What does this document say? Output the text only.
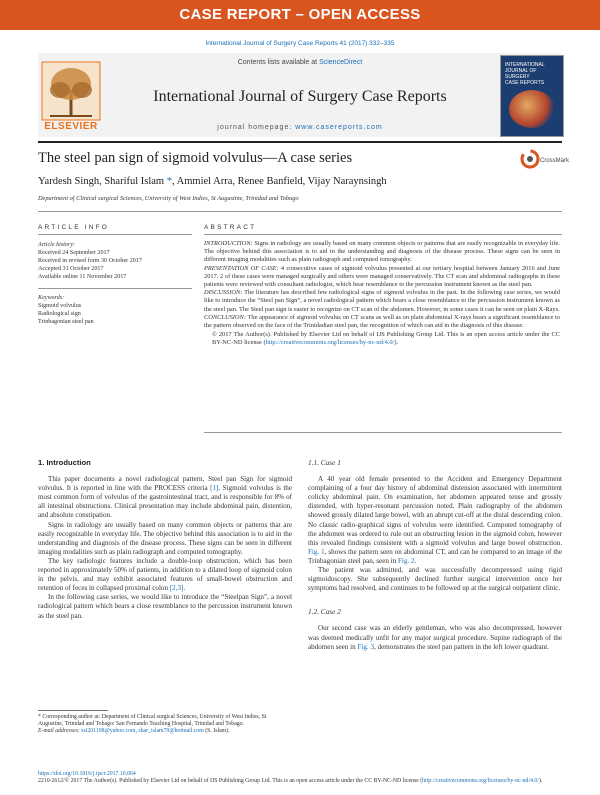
CASE REPORT – OPEN ACCESS
International Journal of Surgery Case Reports 41 (2017) 332–335
ELSEVIER
Contents lists available at ScienceDirect
International Journal of Surgery Case Reports
journal homepage: www.casereports.com
INTERNATIONAL
JOURNAL OF
SURGERY
CASE REPORTS
The steel pan sign of sigmoid volvulus—A case series	CrossMark
Yardesh Singh, Shariful Islam *, Ammiel Arra, Renee Banfield, Vijay Naraynsingh
Department of Clinical surgical Sciences, University of West Indies, St Augustine, Trinidad and Tobago
ARTICLE INFO	ABSTRACT
Article history:
Received 24 September 2017
Received in revised form 30 October 2017
Accepted 31 October 2017
Available online 11 November 2017
Keywords:
Sigmoid volvulus
Radiological sign
Trinbagonian steel pan

INTRODUCTION: Signs in radiology are usually based on many common objects or patterns that are easily recognizable in everyday life. The objective behind this association is to aid in the understanding and diagnosis of the disease process. These signs can be seen in different imaging modalities such as plain radiograph and computed tomography.

PRESENTATION OF CASE: 4 consecutive cases of sigmoid volvulus presented at our tertiary hospital between January 2016 and June 2017. 2 of these cases were managed surgically and others were managed conservatively. The CT scan and abdominal radiographs in these patients were reviewed with consultant radiologist, which bear resemblance to the percussion instrument known as the steel pan.

DISCUSSION: The literature has described few radiological signs of sigmoid volvulus in the past. In the following case series, we would like to introduce the “Steel pan Sign”, a novel radiological pattern which bears a close resemblance to the percussion instrument known as the steel pan. The Steel pan sign is easier to recognize on CT scan of the abdomen. However, in some cases it can be seen on plain X-Rays.

CONCLUSION: The appearance of sigmoid volvulus on CT scans as well as on plain abdominal X-rays bears a significant resemblance to the pattern observed on the face of the Trinidadian steel pan, the recognition of which can aid in the diagnosis of this disease.

© 2017 The Author(s). Published by Elsevier Ltd on behalf of IJS Publishing Group Ltd. This is an open access article under the CC BY-NC-ND license (http://creativecommons.org/licenses/by-nc-nd/4.0/).

1. Introduction

This paper documents a novel radiological pattern, Steel pan Sign for sigmoid volvulus. It is reported in line with the PROCESS criteria [1]. Sigmoid volvulus is the most common form of volvulus of the gastrointestinal tract, and is responsible for 8% of all intestinal obstructions. Clinical presentation may include abdominal pain, distention, and absolute constipation.

Signs in radiology are usually based on many common objects or patterns that are easily recognizable in everyday life. The objective behind this association is to aid in the understanding and diagnosis of the disease process. These signs can be seen in different imaging modalities such as plain radiograph and computed tomography.

The key radiologic features include a double-loop obstruction, which has been reported in approximately 50% of patients, in addition to a dilated loop of sigmoid colon in the pelvis, and may exhibit associated features of small-bowel obstruction and retention of feces in collapsed proximal colon [2,3].

In the following case series, we would like to introduce the “Steelpan Sign”, a novel radiological pattern which bears a close resemblance to the percussion instrument known as the steel pan.

1.1. Case 1

A 40 year old female presented to the Accident and Emergency Department complaining of a four day history of abdominal distension associated with intermittent colicky abdominal pain. On examination, her abdomen appeared tense and grossly distended, with hyper-resonant percussion noted. Plain radiography of the abdomen showed grossly dilated large bowel, with an abrupt cut-off at the distal descending colon. No classic radio-graphical signs of volvulus were identified. Computed tomography of the abdomen was ordered to rule out an obstructing lesion in the sigmoid colon, however this revealed findings consistent with a sigmoid volvulus and large bowel obstruction. Fig. 1, shows the pattern seen on abdominal CT, and can be compared to an image of the Trinbagonian steel pan, seen in Fig. 2.

The patient was admitted, and was successfully decompressed using rigid sigmoidoscopy. She subsequently declined further surgical intervention once her symptoms had resolved, and continues to be followed up at the surgical outpatient clinic.

1.2. Case 2

Our second case was an elderly gentleman, who was also decompressed, however was deemed medically unfit for any major surgical procedure. Supine radiograph of the abdomen seen in Fig. 3, demonstrates the steel pan pattern in the left lower quadrant.

* Corresponding author at: Department of Clinical surgical Sciences, University of West Indies, St Augustine, Trinidad and Tobago/ San Fernando Teaching Hospital, Trinidad and Tobago.
E-mail addresses: ssi201198@yahoo.com, shar_islam79@hotmail.com (S. Islam).
https://doi.org/10.1016/j.ijscr.2017.10.064
2210-2612/© 2017 The Author(s). Published by Elsevier Ltd on behalf of IJS Publishing Group Ltd. This is an open access article under the CC BY-NC-ND license (http://creativecommons.org/licenses/by-nc-nd/4.0/).
